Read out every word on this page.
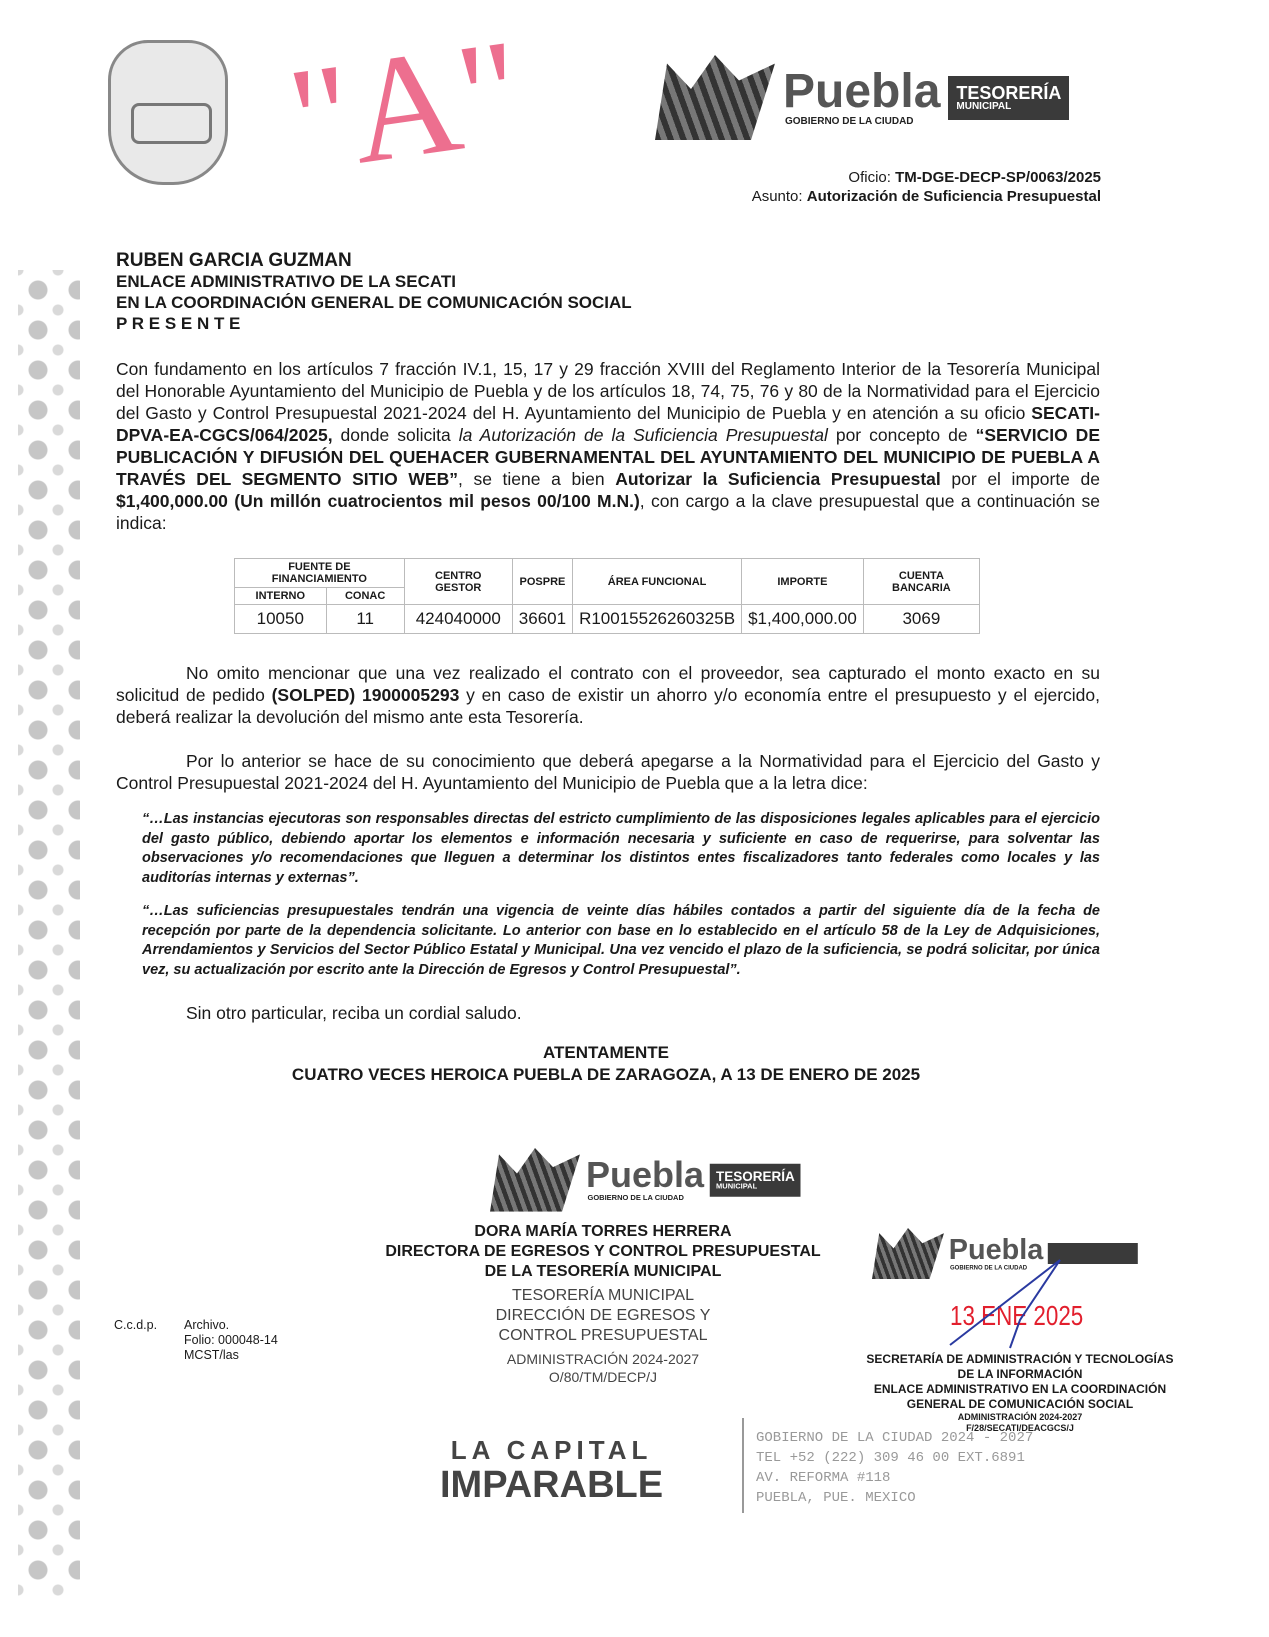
"A"	Puebla
GOBIERNO DE LA CIUDAD
TESORERÍA
MUNICIPAL
Oficio: TM-DGE-DECP-SP/0063/2025
Asunto: Autorización de Suficiencia Presupuestal
RUBEN GARCIA GUZMAN
ENLACE ADMINISTRATIVO DE LA SECATI
EN LA COORDINACIÓN GENERAL DE COMUNICACIÓN SOCIAL
P R E S E N T E
Con fundamento en los artículos 7 fracción IV.1, 15, 17 y 29 fracción XVIII del Reglamento Interior de la Tesorería Municipal del Honorable Ayuntamiento del Municipio de Puebla y de los artículos 18, 74, 75, 76 y 80 de la Normatividad para el Ejercicio del Gasto y Control Presupuestal 2021-2024 del H. Ayuntamiento del Municipio de Puebla y en atención a su oficio SECATI-DPVA-EA-CGCS/064/2025, donde solicita la Autorización de la Suficiencia Presupuestal por concepto de “SERVICIO DE PUBLICACIÓN Y DIFUSIÓN DEL QUEHACER GUBERNAMENTAL DEL AYUNTAMIENTO DEL MUNICIPIO DE PUEBLA A TRAVÉS DEL SEGMENTO SITIO WEB”, se tiene a bien Autorizar la Suficiencia Presupuestal por el importe de $1,400,000.00 (Un millón cuatrocientos mil pesos 00/100 M.N.), con cargo a la clave presupuestal que a continuación se indica:
FUENTE DE FINANCIAMIENTO		CENTRO GESTOR	POSPRE	ÁREA FUNCIONAL	IMPORTE	CUENTA BANCARIA
INTERNO	CONAC					
10050	11	424040000	36601	R10015526260325B	$1,400,000.00	3069
No omito mencionar que una vez realizado el contrato con el proveedor, sea capturado el monto exacto en su solicitud de pedido (SOLPED) 1900005293 y en caso de existir un ahorro y/o economía entre el presupuesto y el ejercido, deberá realizar la devolución del mismo ante esta Tesorería.
Por lo anterior se hace de su conocimiento que deberá apegarse a la Normatividad para el Ejercicio del Gasto y Control Presupuestal 2021-2024 del H. Ayuntamiento del Municipio de Puebla que a la letra dice:
“…Las instancias ejecutoras son responsables directas del estricto cumplimiento de las disposiciones legales aplicables para el ejercicio del gasto público, debiendo aportar los elementos e información necesaria y suficiente en caso de requerirse, para solventar las observaciones y/o recomendaciones que lleguen a determinar los distintos entes fiscalizadores tanto federales como locales y las auditorías internas y externas”.
“…Las suficiencias presupuestales tendrán una vigencia de veinte días hábiles contados a partir del siguiente día de la fecha de recepción por parte de la dependencia solicitante. Lo anterior con base en lo establecido en el artículo 58 de la Ley de Adquisiciones, Arrendamientos y Servicios del Sector Público Estatal y Municipal. Una vez vencido el plazo de la suficiencia, se podrá solicitar, por única vez, su actualización por escrito ante la Dirección de Egresos y Control Presupuestal”.
Sin otro particular, reciba un cordial saludo.
ATENTAMENTE
CUATRO VECES HEROICA PUEBLA DE ZARAGOZA, A 13 DE ENERO DE 2025
Puebla
GOBIERNO DE LA CIUDAD
TESORERÍA
MUNICIPAL
DORA MARÍA TORRES HERRERA
DIRECTORA DE EGRESOS Y CONTROL PRESUPUESTAL
DE LA TESORERÍA MUNICIPAL
TESORERÍA MUNICIPAL
DIRECCIÓN DE EGRESOS Y
CONTROL PRESUPUESTAL
ADMINISTRACIÓN 2024-2027
O/80/TM/DECP/J
Puebla
GOBIERNO DE LA CIUDAD
13 ENE 2025
SECRETARÍA DE ADMINISTRACIÓN Y TECNOLOGÍAS
DE LA INFORMACIÓN
ENLACE ADMINISTRATIVO EN LA COORDINACIÓN
GENERAL DE COMUNICACIÓN SOCIAL
ADMINISTRACIÓN 2024-2027
F/28/SECATI/DEACGCS/J
C.c.d.p. Archivo.
Folio: 000048-14
MCST/las
LA CAPITAL
IMPARABLE
GOBIERNO DE LA CIUDAD 2024 - 2027
TEL +52 (222) 309 46 00 EXT.6891
AV. REFORMA #118
PUEBLA, PUE. MEXICO
